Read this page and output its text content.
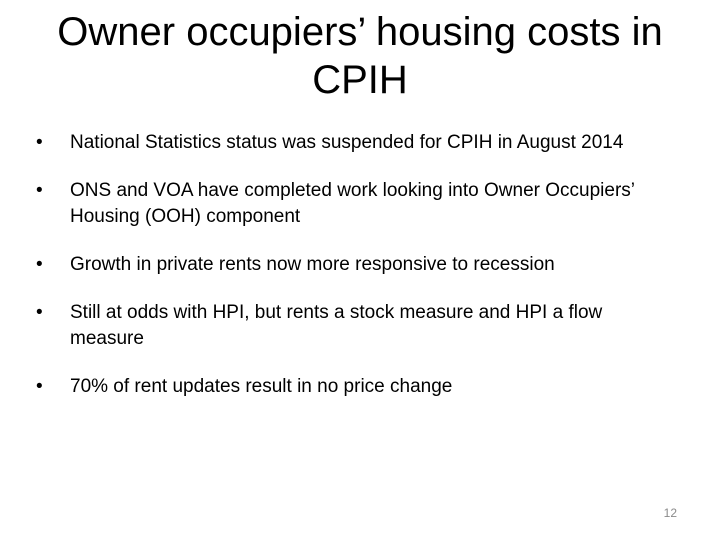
Owner occupiers’ housing costs in CPIH
•	National Statistics status was suspended for CPIH in August 2014
•	ONS and VOA have completed work looking into Owner Occupiers’ Housing (OOH) component
•	Growth in private rents now more responsive to recession
•	Still at odds with HPI, but rents a stock measure and HPI a flow measure
•	70% of rent updates result in no price change
12
